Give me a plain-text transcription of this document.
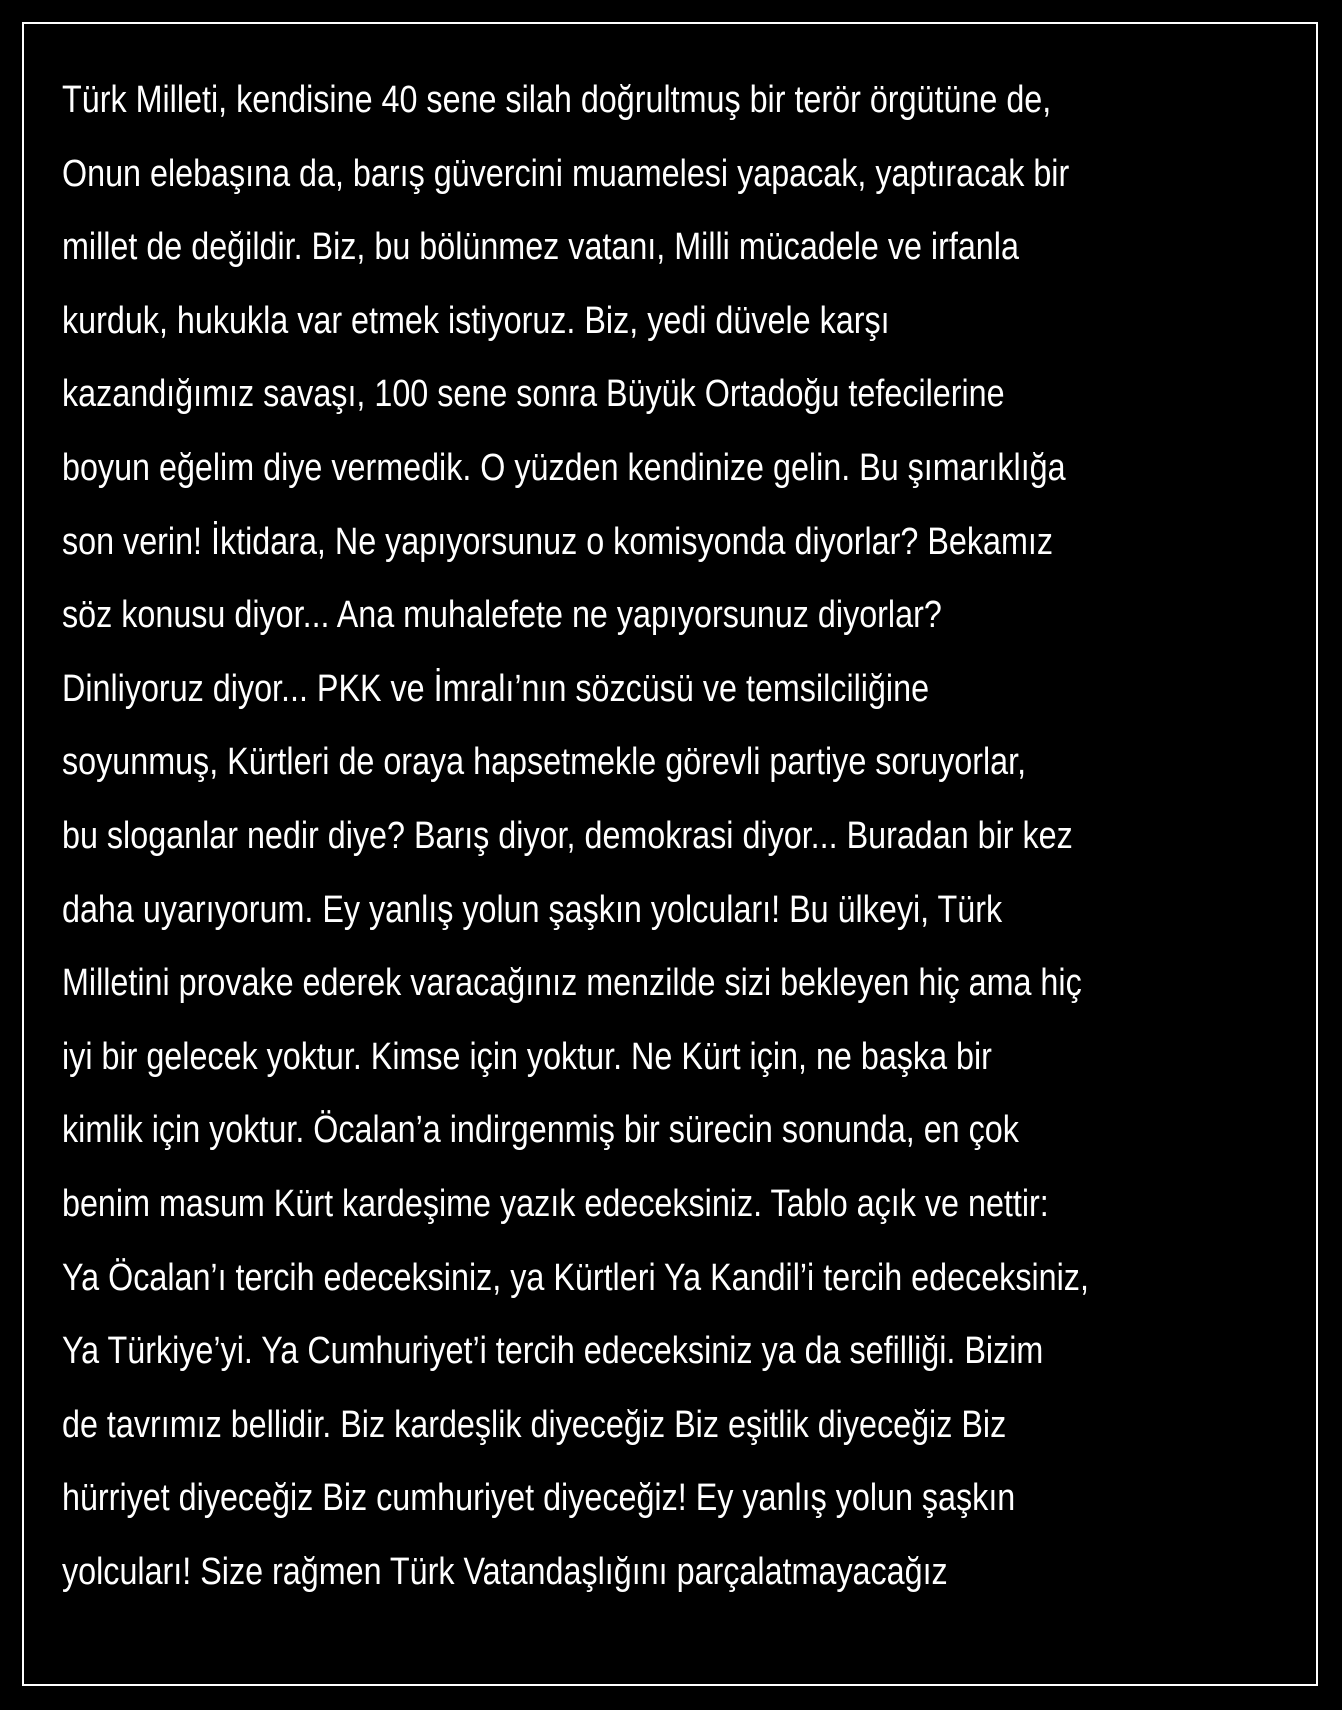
Türk Milleti, kendisine 40 sene silah doğrultmuş bir terör örgütüne de,
Onun elebaşına da, barış güvercini muamelesi yapacak, yaptıracak bir
millet de değildir. Biz, bu bölünmez vatanı, Milli mücadele ve irfanla
kurduk, hukukla var etmek istiyoruz. Biz, yedi düvele karşı
kazandığımız savaşı, 100 sene sonra Büyük Ortadoğu tefecilerine
boyun eğelim diye vermedik. O yüzden kendinize gelin. Bu şımarıklığa
son verin! İktidara, Ne yapıyorsunuz o komisyonda diyorlar? Bekamız
söz konusu diyor... Ana muhalefete ne yapıyorsunuz diyorlar?
Dinliyoruz diyor... PKK ve İmralı’nın sözcüsü ve temsilciliğine
soyunmuş, Kürtleri de oraya hapsetmekle görevli partiye soruyorlar,
bu sloganlar nedir diye? Barış diyor, demokrasi diyor... Buradan bir kez
daha uyarıyorum. Ey yanlış yolun şaşkın yolcuları! Bu ülkeyi, Türk
Milletini provake ederek varacağınız menzilde sizi bekleyen hiç ama hiç
iyi bir gelecek yoktur. Kimse için yoktur. Ne Kürt için, ne başka bir
kimlik için yoktur. Öcalan’a indirgenmiş bir sürecin sonunda, en çok
benim masum Kürt kardeşime yazık edeceksiniz. Tablo açık ve nettir:
Ya Öcalan’ı tercih edeceksiniz, ya Kürtleri Ya Kandil’i tercih edeceksiniz,
Ya Türkiye’yi. Ya Cumhuriyet’i tercih edeceksiniz ya da sefilliği. Bizim
de tavrımız bellidir. Biz kardeşlik diyeceğiz Biz eşitlik diyeceğiz Biz
hürriyet diyeceğiz Biz cumhuriyet diyeceğiz! Ey yanlış yolun şaşkın
yolcuları! Size rağmen Türk Vatandaşlığını parçalatmayacağız
